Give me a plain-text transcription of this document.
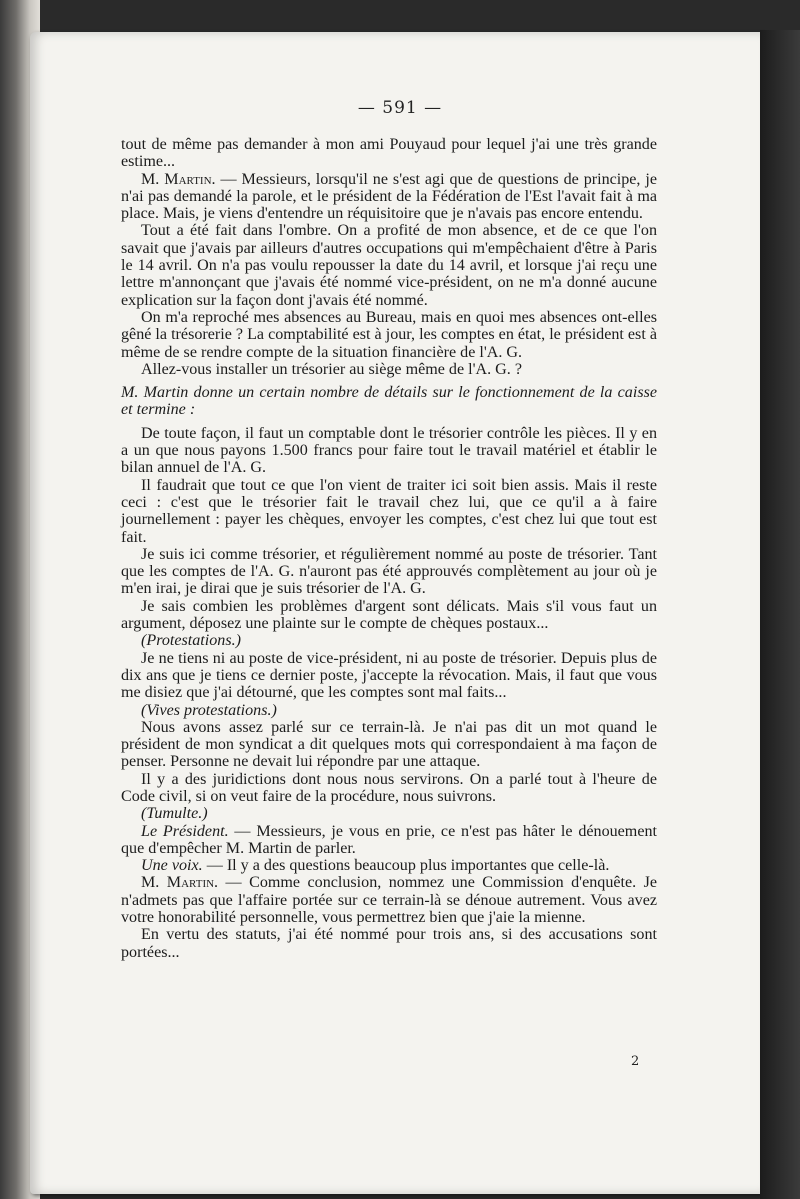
— 591 —

tout de même pas demander à mon ami Pouyaud pour lequel j'ai une très grande estime...

M. Martin. — Messieurs, lorsqu'il ne s'est agi que de questions de principe, je n'ai pas demandé la parole, et le président de la Fédération de l'Est l'avait fait à ma place. Mais, je viens d'entendre un réquisitoire que je n'avais pas encore entendu.

Tout a été fait dans l'ombre. On a profité de mon absence, et de ce que l'on savait que j'avais par ailleurs d'autres occupations qui m'empêchaient d'être à Paris le 14 avril. On n'a pas voulu repousser la date du 14 avril, et lorsque j'ai reçu une lettre m'annonçant que j'avais été nommé vice-président, on ne m'a donné aucune explication sur la façon dont j'avais été nommé.

On m'a reproché mes absences au Bureau, mais en quoi mes absences ont-elles gêné la trésorerie ? La comptabilité est à jour, les comptes en état, le président est à même de se rendre compte de la situation financière de l'A. G.

Allez-vous installer un trésorier au siège même de l'A. G. ?

M. Martin donne un certain nombre de détails sur le fonctionnement de la caisse et termine :

De toute façon, il faut un comptable dont le trésorier contrôle les pièces. Il y en a un que nous payons 1.500 francs pour faire tout le travail matériel et établir le bilan annuel de l'A. G.

Il faudrait que tout ce que l'on vient de traiter ici soit bien assis. Mais il reste ceci : c'est que le trésorier fait le travail chez lui, que ce qu'il a à faire journellement : payer les chèques, envoyer les comptes, c'est chez lui que tout est fait.

Je suis ici comme trésorier, et régulièrement nommé au poste de trésorier. Tant que les comptes de l'A. G. n'auront pas été approuvés complètement au jour où je m'en irai, je dirai que je suis trésorier de l'A. G.

Je sais combien les problèmes d'argent sont délicats. Mais s'il vous faut un argument, déposez une plainte sur le compte de chèques postaux...

(Protestations.)

Je ne tiens ni au poste de vice-président, ni au poste de trésorier. Depuis plus de dix ans que je tiens ce dernier poste, j'accepte la révocation. Mais, il faut que vous me disiez que j'ai détourné, que les comptes sont mal faits...

(Vives protestations.)

Nous avons assez parlé sur ce terrain-là. Je n'ai pas dit un mot quand le président de mon syndicat a dit quelques mots qui correspondaient à ma façon de penser. Personne ne devait lui répondre par une attaque.

Il y a des juridictions dont nous nous servirons. On a parlé tout à l'heure de Code civil, si on veut faire de la procédure, nous suivrons.

(Tumulte.)

Le Président. — Messieurs, je vous en prie, ce n'est pas hâter le dénouement que d'empêcher M. Martin de parler.

Une voix. — Il y a des questions beaucoup plus importantes que celle-là.

M. Martin. — Comme conclusion, nommez une Commission d'enquête. Je n'admets pas que l'affaire portée sur ce terrain-là se dénoue autrement. Vous avez votre honorabilité personnelle, vous permettrez bien que j'aie la mienne.

En vertu des statuts, j'ai été nommé pour trois ans, si des accusations sont portées...

2
